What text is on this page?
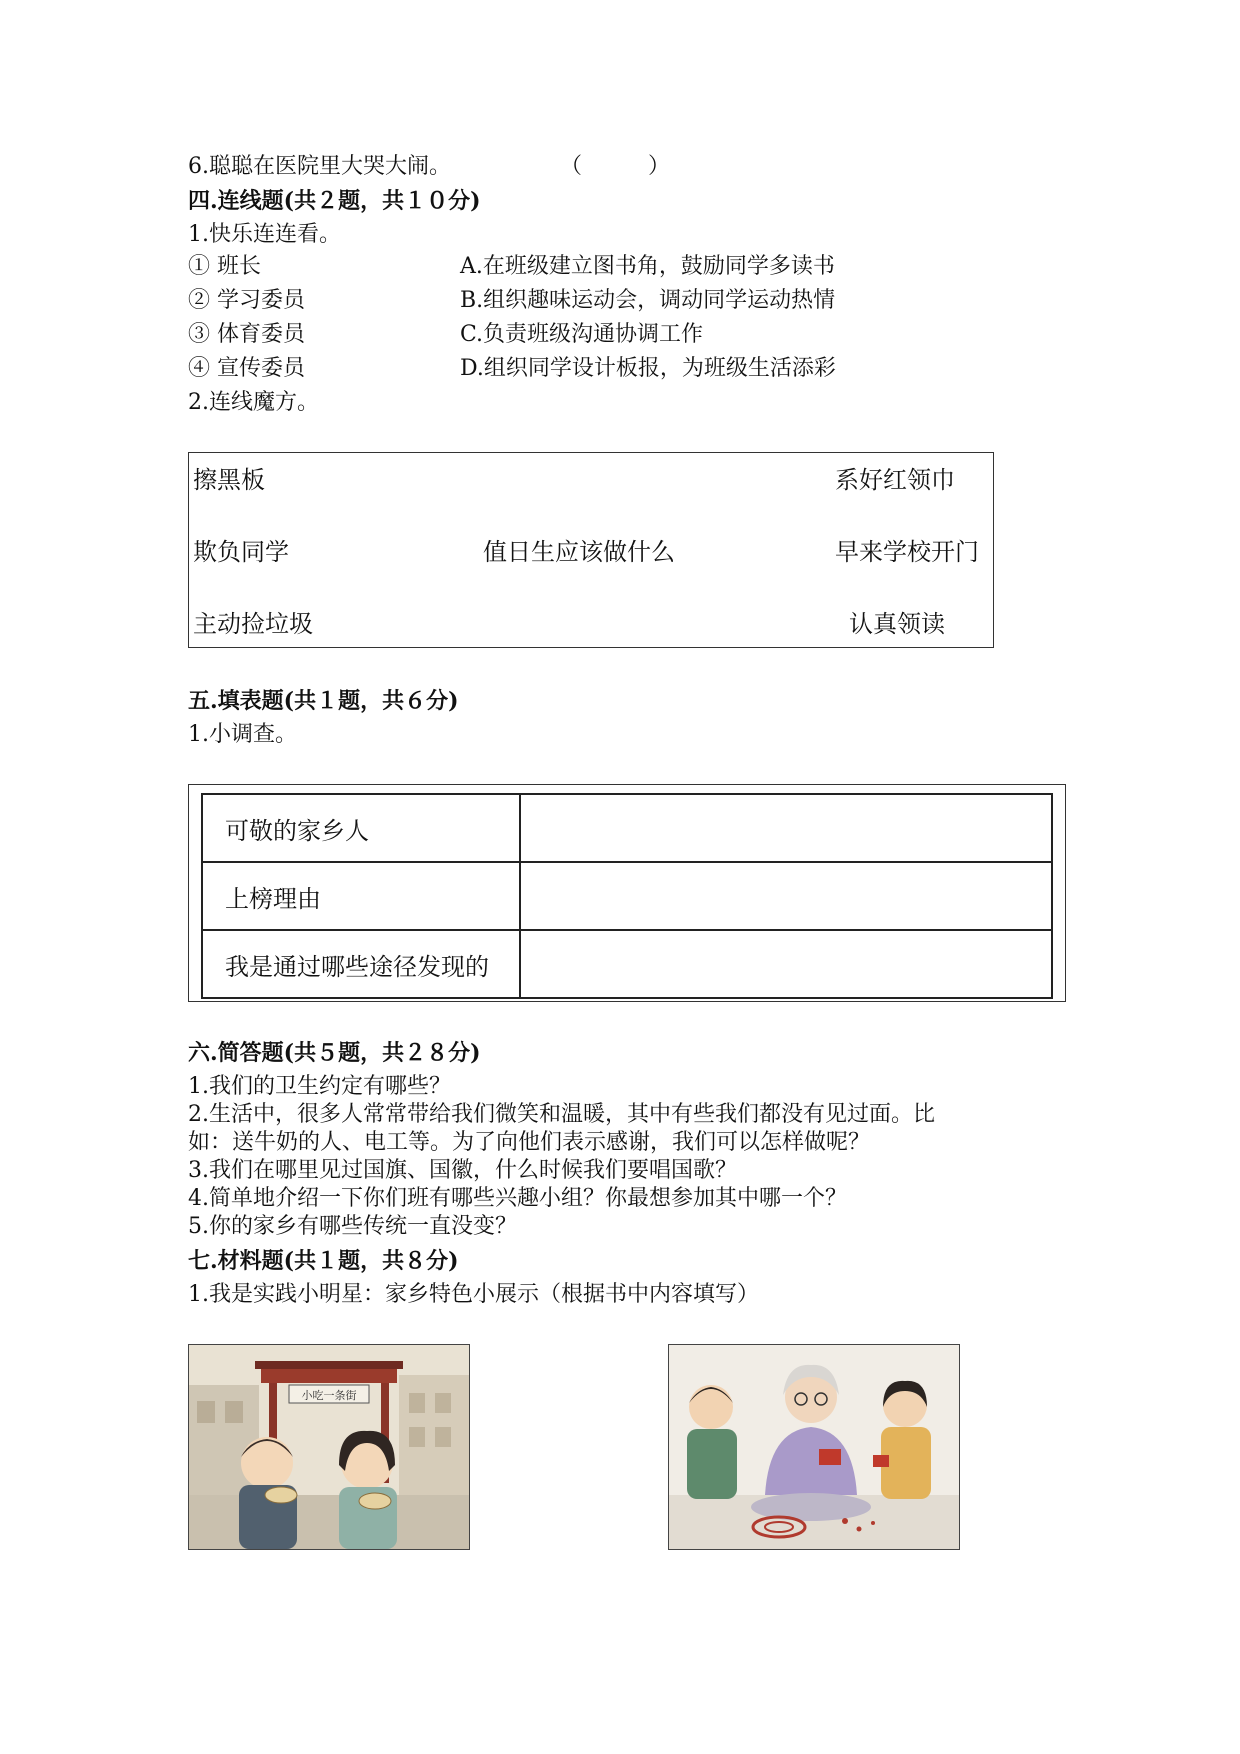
6.聪聪在医院里大哭大闹。	（　　　）
四.连线题(共２题，共１０分)
1.快乐连连看。
① 班长
② 学习委员
③ 体育委员
④ 宣传委员
A.在班级建立图书角，鼓励同学多读书
B.组织趣味运动会，调动同学运动热情
C.负责班级沟通协调工作
D.组织同学设计板报，为班级生活添彩
2.连线魔方。
擦黑板
欺负同学
主动捡垃圾
值日生应该做什么
系好红领巾
早来学校开门
认真领读
五.填表题(共１题，共６分)
1.小调查。
可敬的家乡人	
上榜理由	
我是通过哪些途径发现的	
六.简答题(共５题，共２８分)
1.我们的卫生约定有哪些？
2.生活中，很多人常常带给我们微笑和温暖，其中有些我们都没有见过面。比
如：送牛奶的人、电工等。为了向他们表示感谢，我们可以怎样做呢？
3.我们在哪里见过国旗、国徽，什么时候我们要唱国歌？
4.简单地介绍一下你们班有哪些兴趣小组？你最想参加其中哪一个？
5.你的家乡有哪些传统一直没变？
七.材料题(共１题，共８分)
1.我是实践小明星：家乡特色小展示（根据书中内容填写）
小吃一条街
